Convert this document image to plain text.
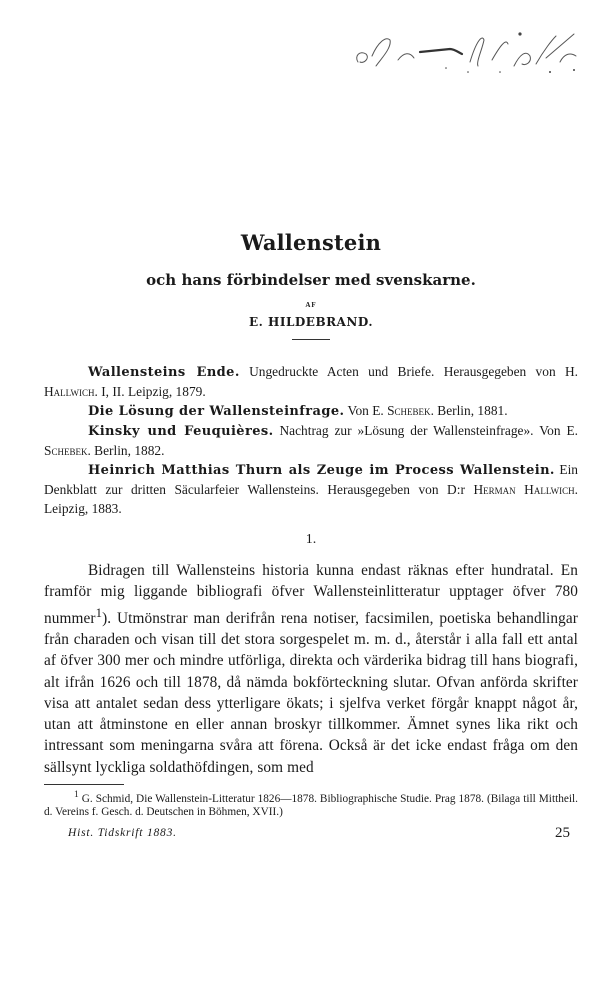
Wallenstein
och hans förbindelser med svenskarne.
AF
E. HILDEBRAND.

Wallensteins Ende. Ungedruckte Acten und Briefe. Herausgegeben von H. Hallwich. I, II. Leipzig, 1879.

Die Lösung der Wallensteinfrage. Von E. Schebek. Berlin, 1881.

Kinsky und Feuquières. Nachtrag zur »Lösung der Wallensteinfrage». Von E. Schebek. Berlin, 1882.

Heinrich Matthias Thurn als Zeuge im Process Wallenstein. Ein Denkblatt zur dritten Säcularfeier Wallensteins. Herausgegeben von D:r Herman Hallwich. Leipzig, 1883.

1.

Bidragen till Wallensteins historia kunna endast räknas efter hundratal. En framför mig liggande bibliografi öfver Wallensteinlitteratur upptager öfver 780 nummer$^1$). Utmönstrar man derifrån rena notiser, facsimilen, poetiska behandlingar från charaden och visan till det stora sorgespelet m. m. d., återstår i alla fall ett antal af öfver 300 mer och mindre utförliga, direkta och värderika bidrag till hans biografi, alt ifrån 1626 och till 1878, då nämda bokförteckning slutar. Ofvan anförda skrifter visa att antalet sedan dess ytterligare ökats; i sjelfva verket förgår knappt något år, utan att åtminstone en eller annan broskyr tillkommer. Ämnet synes lika rikt och intressant som meningarna svåra att förena. Också är det icke endast fråga om den sällsynt lyckliga soldathöfdingen, som med

$^1$ G. Schmid, Die Wallenstein-Litteratur 1826—1878. Bibliographische Studie. Prag 1878. (Bilaga till Mittheil. d. Vereins f. Gesch. d. Deutschen in Böhmen, XVII.)

Hist. Tidskrift 1883.	25
